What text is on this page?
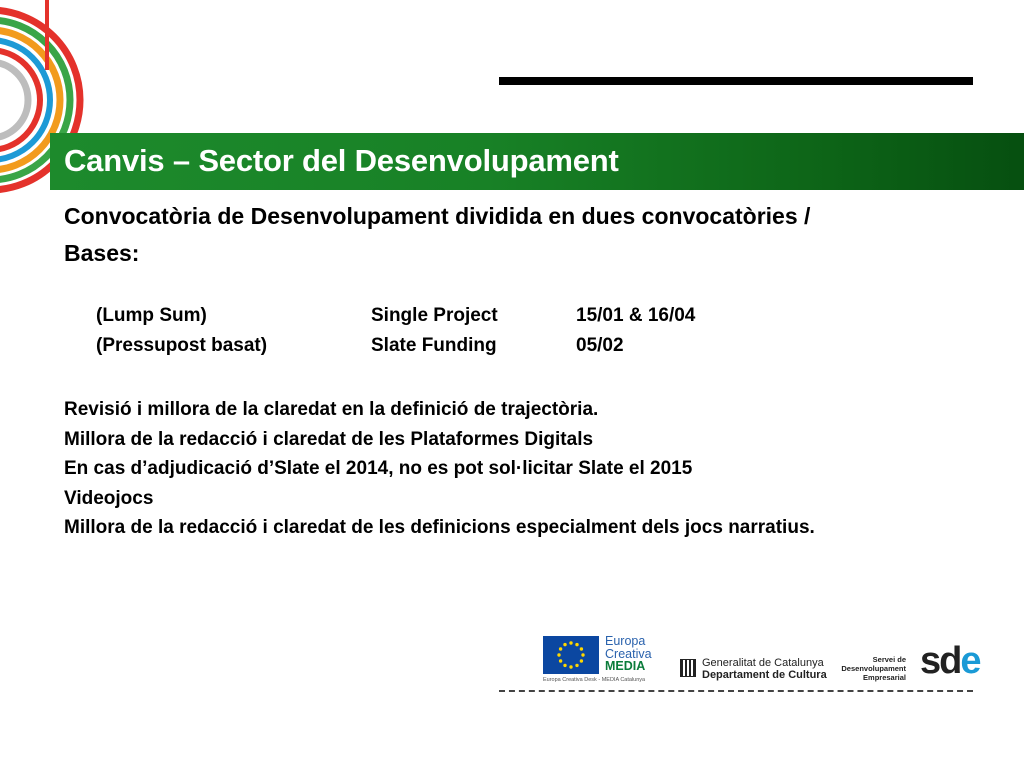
Canvis – Sector del Desenvolupament
Convocatòria de Desenvolupament dividida en dues convocatòries / Bases:
(Lump Sum)	Single Project	15/01 & 16/04
(Pressupost basat)	Slate Funding	05/02
Revisió i millora de la claredat en la definició de trajectòria.
Millora de la redacció i claredat de les Plataformes Digitals
En cas d’adjudicació d’Slate el 2014, no es pot sol·licitar Slate el 2015
Videojocs
Millora de la redacció i claredat de les definicions especialment dels jocs narratius.
Europa
Creativa
MEDIA
Europa Creativa Desk - MEDIA Catalunya
Generalitat de Catalunya
Departament de Cultura
Servei de
Desenvolupament
Empresarial sde
